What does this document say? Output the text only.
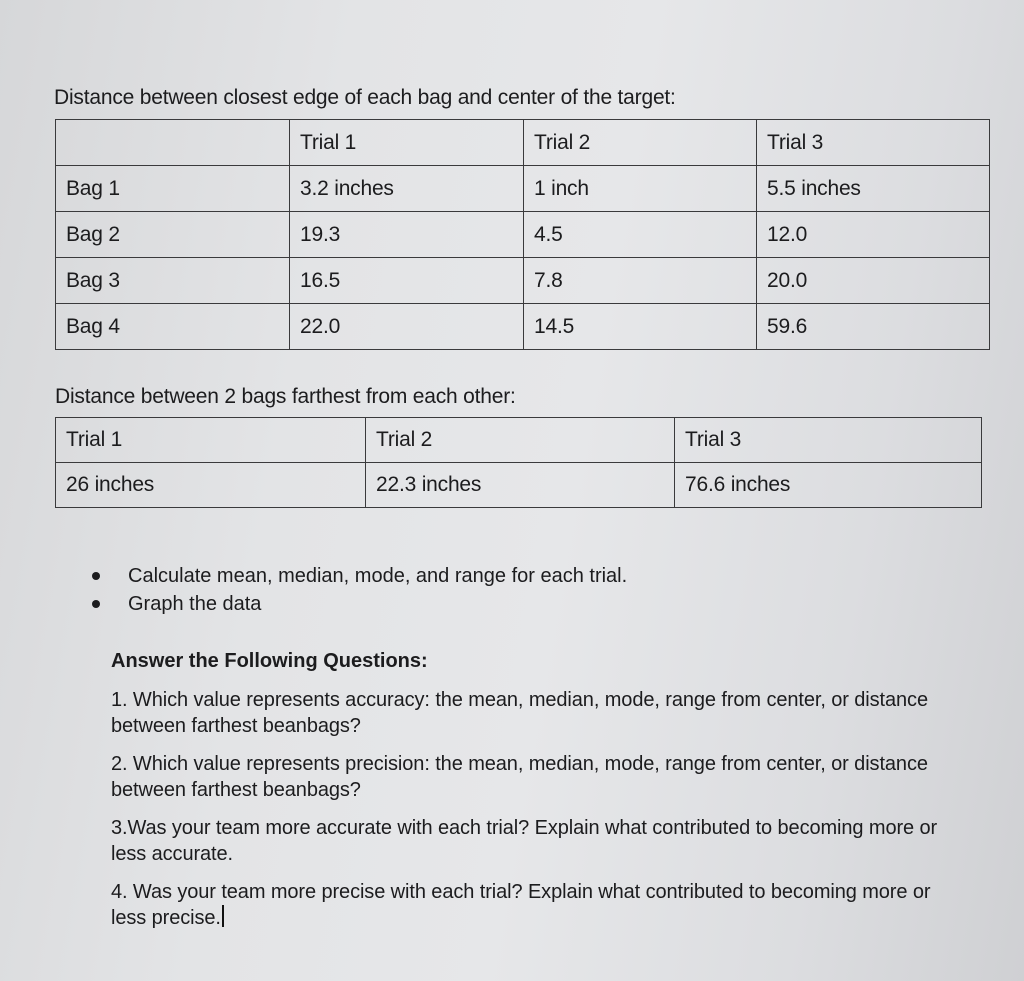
Distance between closest edge of each bag and center of the target:
	Trial 1	Trial 2	Trial 3
Bag 1	3.2 inches	1 inch	5.5 inches
Bag 2	19.3	4.5	12.0
Bag 3	16.5	7.8	20.0
Bag 4	22.0	14.5	59.6
Distance between 2 bags farthest from each other:
Trial 1	Trial 2	Trial 3
26 inches	22.3 inches	76.6 inches
Calculate mean, median, mode, and range for each trial.
Graph the data

Answer the Following Questions:

1. Which value represents accuracy: the mean, median, mode, range from center, or distance between farthest beanbags?

2. Which value represents precision: the mean, median, mode, range from center, or distance between farthest beanbags?

3.Was your team more accurate with each trial? Explain what contributed to becoming more or less accurate.

4. Was your team more precise with each trial? Explain what contributed to becoming more or less precise.
